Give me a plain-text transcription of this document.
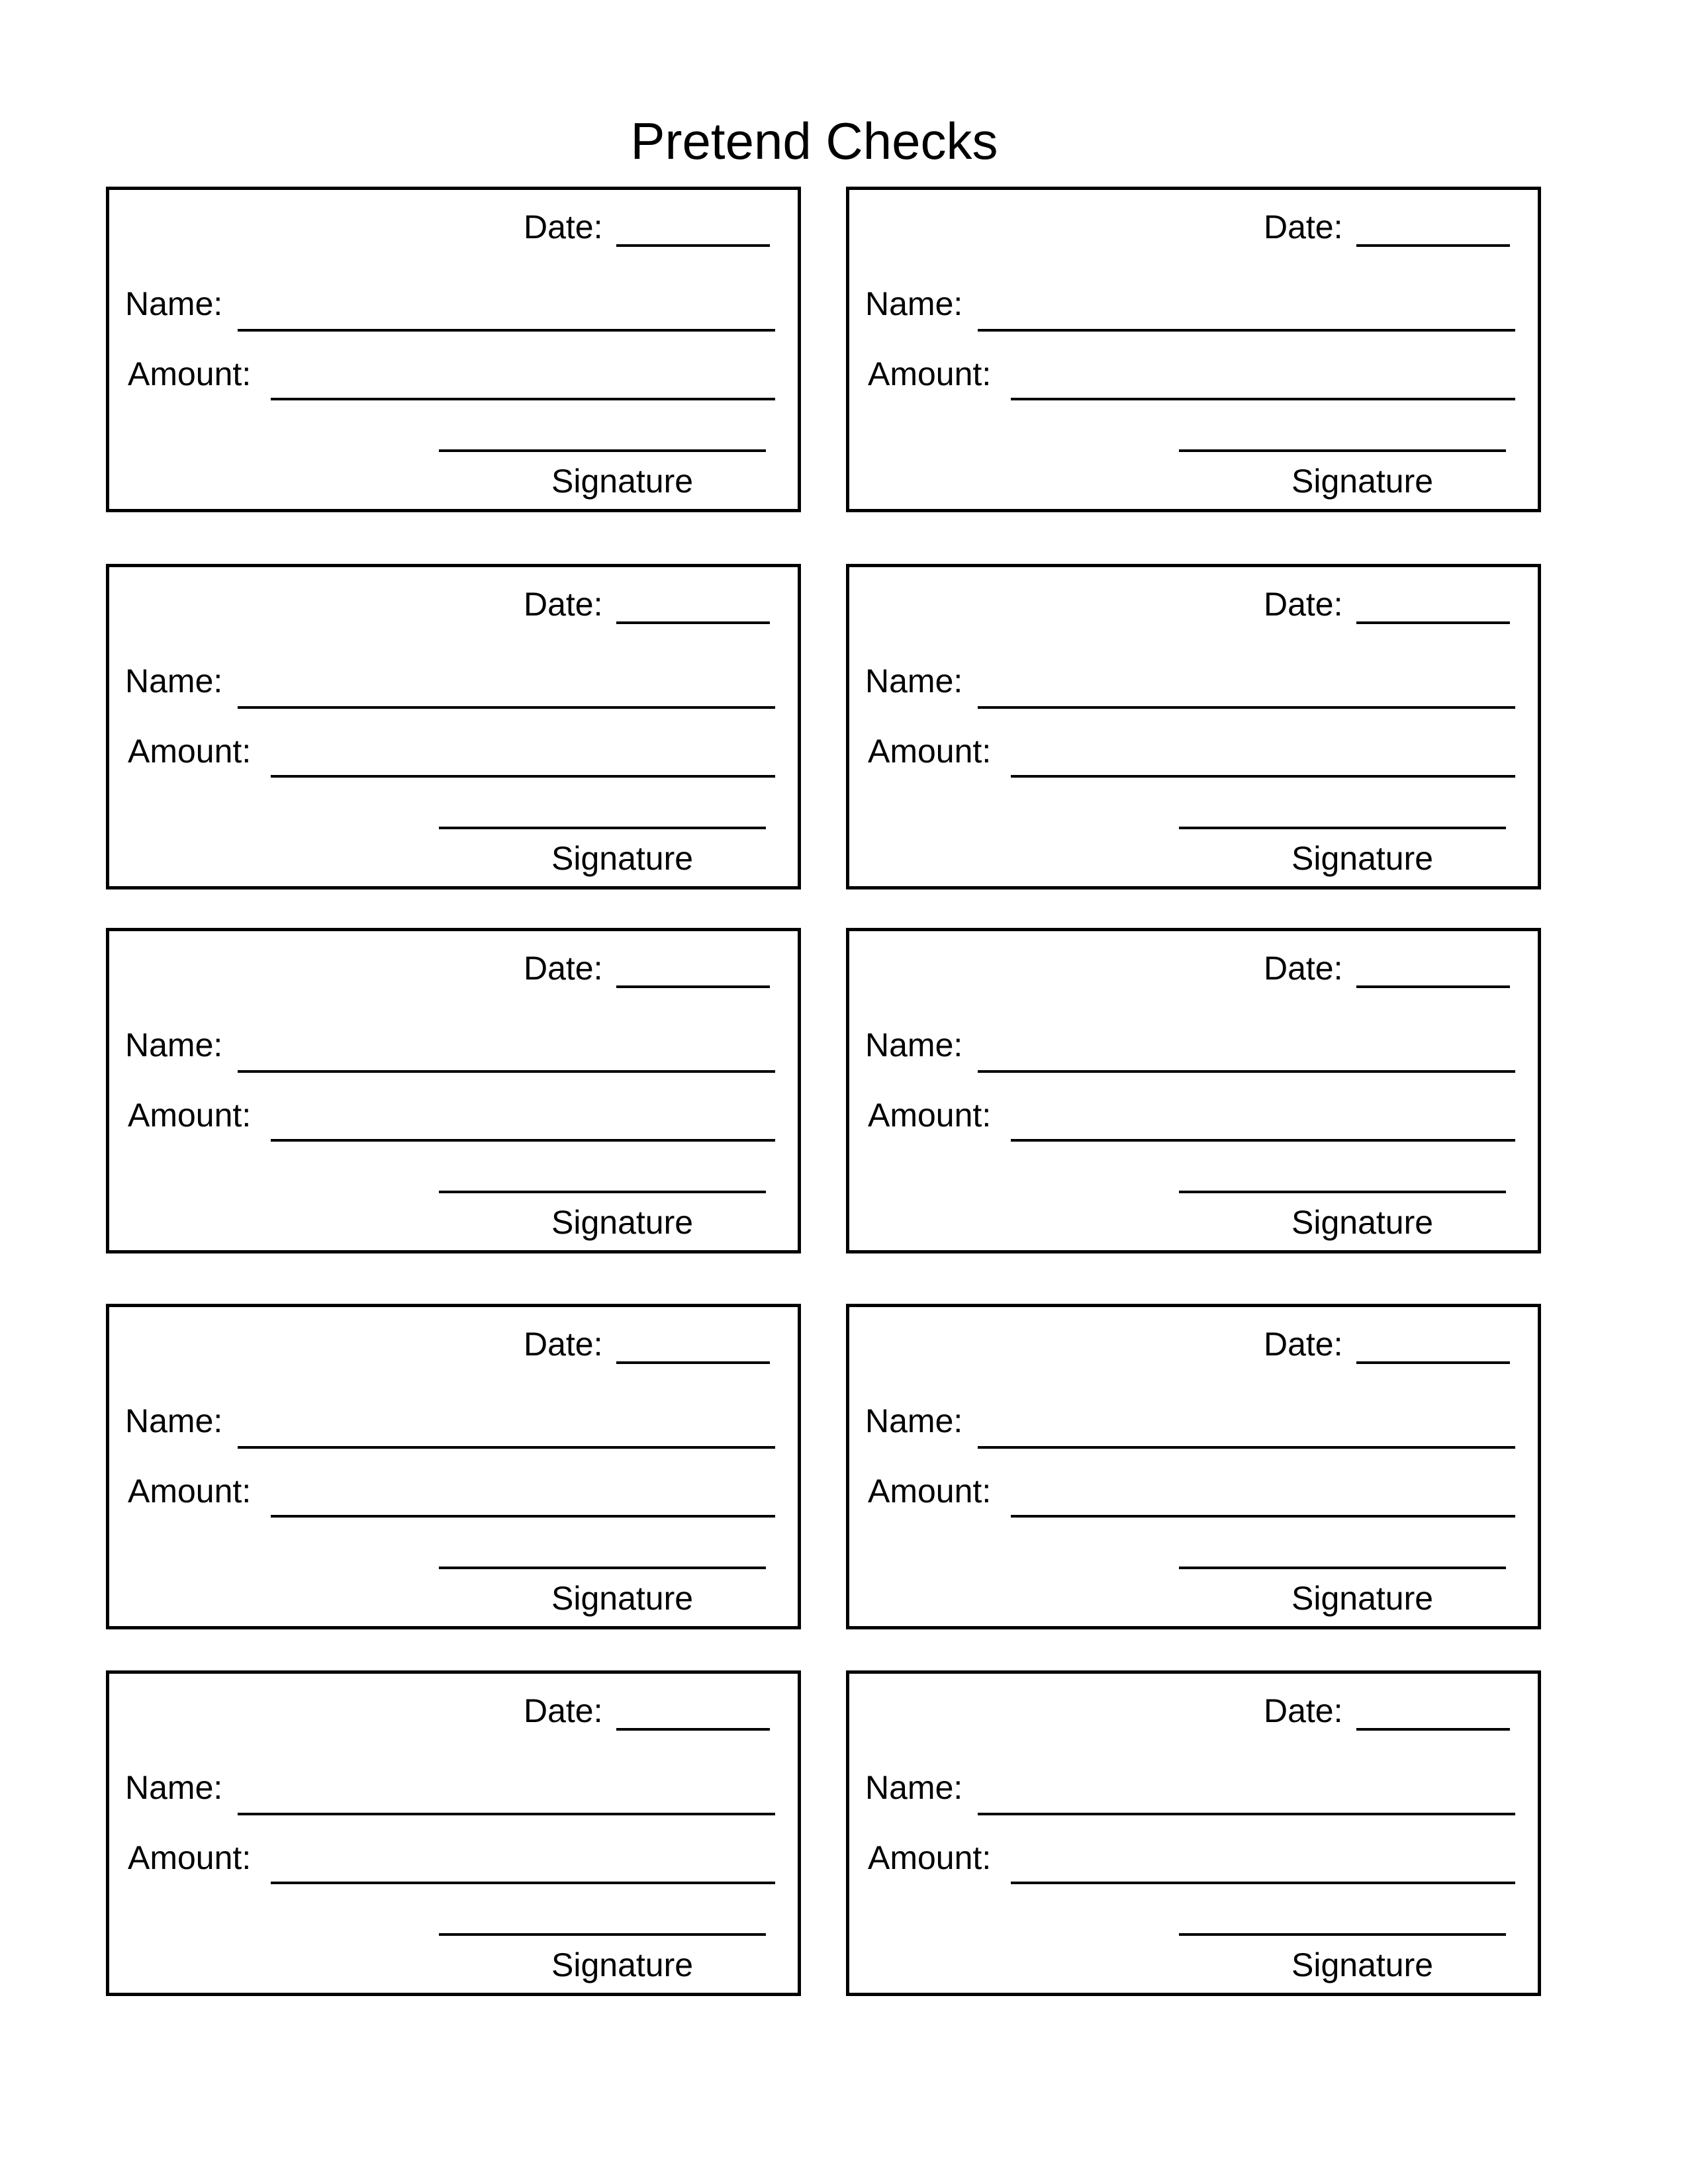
Pretend Checks
Date:
Name:
Amount:
Signature
Date:
Name:
Amount:
Signature
Date:
Name:
Amount:
Signature
Date:
Name:
Amount:
Signature
Date:
Name:
Amount:
Signature
Date:
Name:
Amount:
Signature
Date:
Name:
Amount:
Signature
Date:
Name:
Amount:
Signature
Date:
Name:
Amount:
Signature
Date:
Name:
Amount:
Signature
